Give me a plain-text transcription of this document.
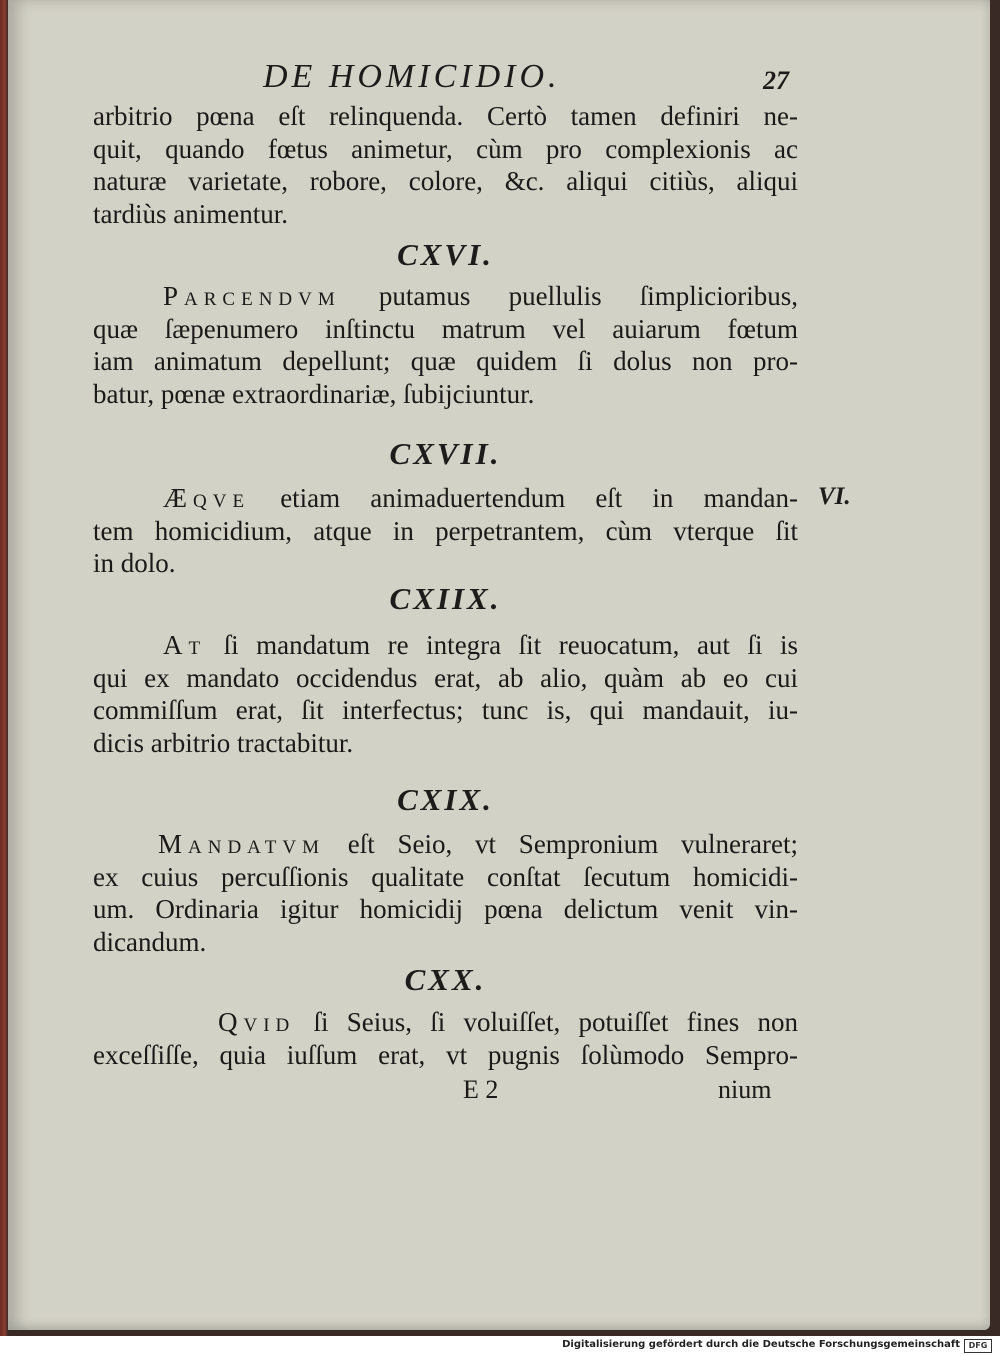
DE HOMICIDIO.	27
arbitrio pœna eſt relinquenda. Certò tamen definiri ne-
quit, quando fœtus animetur, cùm pro complexionis ac
naturæ varietate, robore, colore, &c. aliqui citiùs, aliqui
tardiùs animentur.
CXVI.
Parcendvm putamus puellulis ſimplicioribus,
quæ ſæpenumero inſtinctu matrum vel auiarum fœtum
iam animatum depellunt; quæ quidem ſi dolus non pro-
batur, pœnæ extraordinariæ, ſubijciuntur.
CXVII.
Æqve etiam animaduertendum eſt in mandan-
tem homicidium, atque in perpetrantem, cùm vterque ſit
in dolo.
VI.
CXIIX.
At ſi mandatum re integra ſit reuocatum, aut ſi is
qui ex mandato occidendus erat, ab alio, quàm ab eo cui
commiſſum erat, ſit interfectus; tunc is, qui mandauit, iu-
dicis arbitrio tractabitur.
CXIX.
Mandatvm eſt Seio, vt Sempronium vulneraret;
ex cuius percuſſionis qualitate conſtat ſecutum homicidi-
um. Ordinaria igitur homicidij pœna delictum venit vin-
dicandum.
CXX.
Qvid ſi Seius, ſi voluiſſet, potuiſſet fines non
exceſſiſſe, quia iuſſum erat, vt pugnis ſolùmodo Sempro-
E 2	nium
Digitalisierung gefördert durch die Deutsche Forschungsgemeinschaft	DFG
